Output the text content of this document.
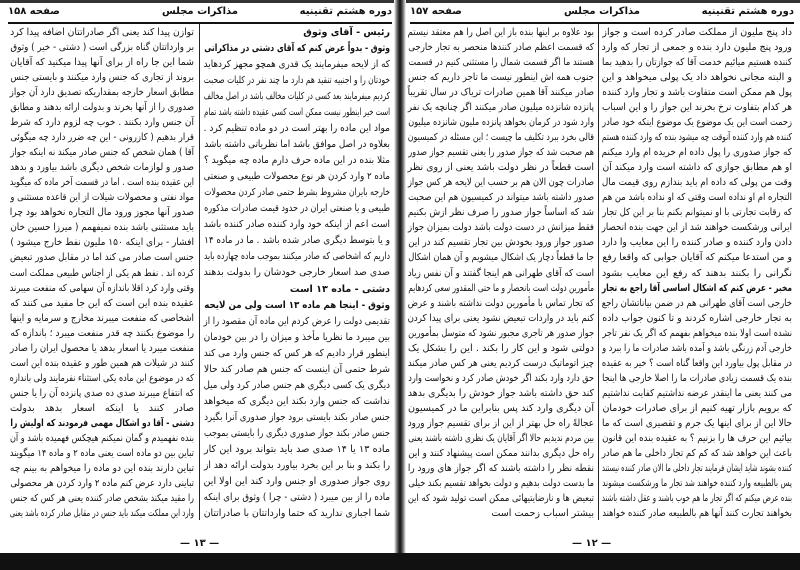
دوره هشتم تقنینیه
مذاکرات مجلس
صفحه ۱۵۸
رئیس - آقای وثوق
وثوق - بدواً عرض کنم که آقای دشتی در مذاکراتی
که از لایحه میفرمایند یک قدری همچو مجهز کردهاید
خودتان را و اجنبیه تنقید هم دارد ما چند نفر در کلیات صحبت
کردیم میفرمایند بعد کسی در کلیات مخالف باشد در اصل مخالف
است خیر اینطور نیست ممکن است کسی عقیده داشته باشد تمام
مواد این ماده را بهتر است در دو ماده تنظیم کرد .
بعلاوه در اصل موافق باشد اما نظریاتی داشته باشد
مثلا بنده در این ماده حرف دارم ماده چه میگوید ؟
ماده ۲ وارد کردن هر نوع محصولات طبیعی و صنعتی
خارجه بایران مشروط بشرط حتمی صادر کردن محصولات
طبیعی و یا صنعتی ایران در حدود قیمت صادرات مذکوره
است اعم از اینکه خود وارد کننده صادر کننده باشد
و یا بتوسط دیگری صادر شده باشد . ما در ماده ۱۴
داریم که اشخاصی که صادر میکنند بموجب ماده چهارده باید
صدی صد اسعار خارجی خودشان را بدولت بدهند
دشتی - ماده ۱۳ است
وثوق - اینجا هم ماده ۱۳ است ولی من لایحه
تقدیمی دولت را عرض کردم این ماده آن مقصود را از
بین میبرد ما نظریا مأخذ و میزان را در بین خودمان
اینطور قرار دادیم که هر کس که جنس وارد می کند
شرط حتمی آن اینست که جنس هم صادر کند حالا
دیگری یک کسی دیگری هم جنس صادر کرد ولی میل
نداشت که جنس وارد بکند این دیگری که میخواهد
جنس صادر بکند بایستی برود جواز صدوری آنرا بگیرد
جنس صادر بکند جواز صدوری دیگری را بایستی بموجب
ماده ۱۳ یا ۱۴ صدی صد باید بتواند برود این کار
را بکند و بنا بر این بخرد بیاورد بدولت ارائه دهد از
روی جواز صدوری او جنس وارد کند این اولا این
ماده را از بین میبرد ( دشتی - چرا ) وثوق برای اینکه
شما اجباری ندارید که حتما وارداتتان با صادراتتان
توازن پیدا کند یعنی اگر صادراتتان اضافه پیدا کرد
بر وارداتتان گناه بزرگی است ( دشتی - خیر ) وثوق
شما این جا راه از برای آنها پیدا میکنید که آقایان
بروند از تجاری که جنس وارد میکنند و بایستی جنس
مطابق اسعار خارجه بمقداریکه تصدیق دارد آن جواز
صدوری را از آنها بخرند و بدولت ارائه بدهند و مطابق
آن جنس وارد بکنند . خوب چه لزوم دارد که شرط
قرار بدهیم ( کازرونی - این چه ضرر دارد چه میگوئی
آقا ) همان شخص که جنس صادر میکند نه اینکه جواز
صدور و لوازمات شخص دیگری باشد بیاورد و بدهد
این عقیده بنده است . اما در قسمت آخر ماده که میگوید
مواد نفتی و محصولات شیلات از این قاعده مستثنی و
صدور آنها مجوز ورود مال التجاره نخواهد بود چرا
باید مستثنی باشد بنده نمیفهمم ( میرزا حسین خان
افشار - برای اینکه ۱۵۰ ملیون نفط خارج میشود )
جنس است صادر می کند اما در مقابل صدور تبعیض
کرده اند . نفط هم یکی از اجناس طبیعی مملکت است
وقتی وارد کرد اقلا باندازه آن سهامی که منفعت میبرند
عقیده بنده این است که این جا مفید می کنند که
اشخاصی که منفعت میبرند مخارج و سرمایه و اینها
را موضوع بکنند چه قدر منفعت میبرد ؛ باندازه که
منفعت میبرد یا اسعار بدهد یا محصول ایران را صادر
کنند در شیلات هم همین طور و عقیده بنده این است
که در موضوع این ماده یکی استثناء نفرمایند ولی باندازه
که انتفاع میبرند صدی ده صدی پانزده آن را یا جنس
صادر کنند یا اینکه اسعار بدهد بدولت
دشتی - آقا دو اشکال مهمی فرمودند که اولیش را
بنده نفهمیدم و گمان نمیکنم هیچکس فهمیده باشد و آن
تباین بین دو ماده است یعنی ماده ۲ و ماده ۱۴ میگویند
تباین دارند بنده این دو ماده را میخواهم به بینم چه
تباینی دارد عرض کنم ماده ۲ وارد کردن هر محصولی
را مقید میکند بشخص صادر کننده یعنی هر کس که جنس
وارد این مملکت میکند باید جنس در مقابل صادر کرده باشد یعنی
— ۱۳ —
دوره هشتم تقنینیه
مذاکرات مجلس
صفحه ۱۵۷
داد پنج ملیون از مملکت صادر کرده است و جواز
ورود پنج ملیون دارد بنده و جمعی از تجار که وارد
کننده هستیم میائیم خدمت آقا که جوازتان را بدهید بما
و البته مجانی نخواهد داد یک پولی میخواهد و این
پول هم ممکن است متفاوت باشد و تجار وارد کننده
هر کدام بتفاوت نرخ بخرند این جواز را و این اسباب
زحمت است این یک موضوع یک موضوع اینکه خود صادر
کننده هم وارد کننده آنوقت چه میشود بنده که وارد کننده هستم
که جواز صدوری را پول داده ام خریده ام وارد میکنم
او هم مطابق جوازی که داشته است وارد میکند آن
وقت من پولی که داده ام باید بندازم روی قیمت مال
التجاره ام او نداده است وقتی که او نداده باشد من هم
که رقابت تجارتی با او نمیتوانم بکنم بنا بر این کل تجار
ایرانی ورشکست خواهند شد از این جهت بنده انحصار
دادن وارد کننده و صادر کننده را این معایب وا دارد
و من استدعا میکنم که آقایان جوابی که واقعا رفع
نگرانی را بکنند بدهند که رفع این معایب بشود
مخبر - عرض کنم که اشکال اساسی آقا راجع به تجار
خارجی است آقای طهرانی هم در ضمن بیاناتشان راجع
به تجار خارجی اشاره کردند و تا کنون جواب داده
نشده است اولا بنده میخواهم بفهمم که اگر یک نفر تاجر
خارجی آدم زرنگی باشد و آمده باشد صادرات ما را ببرد و
در مقابل پول بیاورد این واقعا گناه است ؟ خیر به عقیده
بنده یک قسمت زیادی صادرات ما را اصلا خارجی ها اینجا
می کنند یعنی ما اینقدر عرضه نداشتیم کفایت نداشتیم
که برویم بازار تهیه کنیم از برای صادرات خودمان
حالا این از برای اینها یک جرم و تقصیری است که ما
بیائیم این حرف ها را بزنیم ؟ به عقیده بنده این قانون
باعث این خواهد شد که کم کم تجار داخلی ما هم صادر
کننده بشوند شاید ایشان فرمایند تجار داخلی ما الان صادر کننده نیستند
پس بالطبیعه وارد کننده خواهند شد تجار ما ورشکست میشوند
بنده عرض میکنم که اگر تجار ما هم خوب باشند و عقل داشته باشند
بخواهند تجارت کنند آنها هم بالطبیعه صادر کننده خواهند
بود علاوه بر اینها بنده باز این اصل را هم معتقد نیستم
که قسمت اعظم صادر کنندها منحصر به تجار خارجی
هستند ما اگر قسمت شمال را مستثنی کنیم در قسمت
جنوب همه اش اینطور نیست ما تاجر داریم که جنس
صادر میکنند آقا همین صادرات تریاک در سال تقریباً
پانزده شانزده میلیون صادر میکنند اگر چنانچه یک نفر
وارد شود در کرمان بخواهد پانزده ملیون شانزده میلیون
قالی بخرد ببرد تکلیف ما چیست ؛ این مسئله در کمیسیون
هم صحبت شد که جواز صدور را یعنی تقسیم جواز صدور
است قطعاً در نظر دولت باشد یعنی از روی نظر
صادرات چون الان هم بر حسب این لایحه هر کس جواز
صدور داشته باشد میتواند در کمیسیون هم این صحبت
شد که اساساً جواز صدور را صرف نظر ازش بکنیم
فقط میزانش در دست دولت باشد دولت بمیزان جواز
صدور جواز ورود بخودش بین تجار تقسیم کند در این
جا ما قطعاً دچار یک اشکال میشویم و آن همان اشکال
است که آقای طهرانی هم اینجا گفتند و آن نفس زیاد
مأمورین دولت است بانحصار و ما حتی المقدور سعی کردهایم
که تجار تماس با مأمورین دولت نداشته باشند و عرض
کنم باید در واردات تبعیض نشود یعنی برای پیدا کردن
جواز صدور هر تاجری مجبور نشود که متوسل بمأمورین
دولتی شود و این کار را بکند . این را بشکل یک
چیز اتوماتیک درست کردیم یعنی هر کس صادر میکند
حق دارد وارد بکند اگر خودش صادر کرد و نخواست وارد
کند حق داشته باشد جواز خودش را بدیگری بدهد
آن دیگری وارد کند پس بنابراین ما در کمیسیون
عجالةً راه حل بهتر از این از برای تقسیم جواز ورود
بین مردم ندیدیم حالا اگر آقایان یک نظری داشته باشند یعنی
راه حل دیگری بدانند ممکن است پیشنهاد کنند و این
نقطه نظر را داشته باشند که اگر جواز های ورود را
ما بدست دولت بدهیم و دولت بخواهد تقسیم بکند خیلی
تبعیض ها و نارضایتیهائی ممکن است تولید شود که این
بیشتر اسباب زحمت است
— ۱۲ —
